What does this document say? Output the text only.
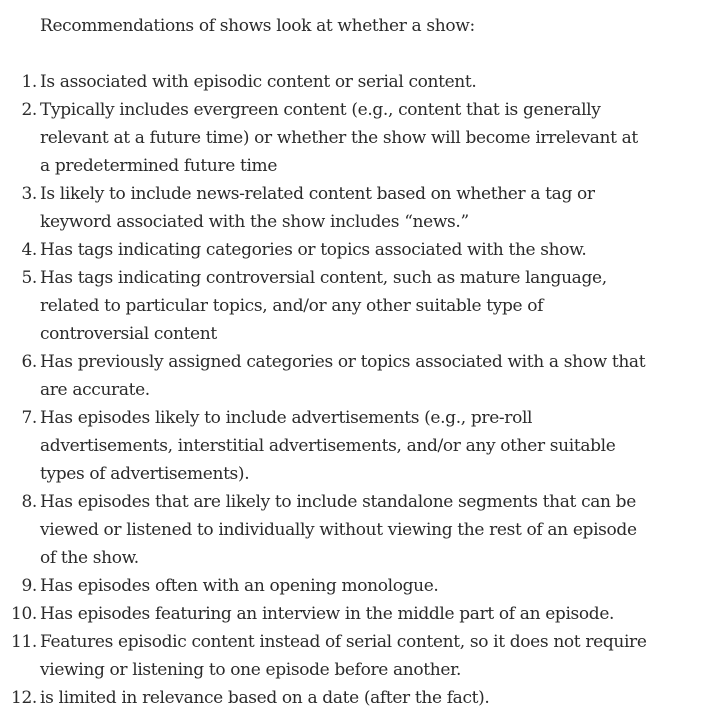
Recommendations of shows look at whether a show:
1. Is associated with episodic content or serial content.
2. Typically includes evergreen content (e.g., content that is generally relevant at a future time) or whether the show will become irrelevant at a predetermined future time
3. Is likely to include news-related content based on whether a tag or keyword associated with the show includes “news.”
4. Has tags indicating categories or topics associated with the show.
5. Has tags indicating controversial content, such as mature language, related to particular topics, and/or any other suitable type of controversial content
6. Has previously assigned categories or topics associated with a show that are accurate.
7. Has episodes likely to include advertisements (e.g., pre-roll advertisements, interstitial advertisements, and/or any other suitable types of advertisements).
8. Has episodes that are likely to include standalone segments that can be viewed or listened to individually without viewing the rest of an episode of the show.
9. Has episodes often with an opening monologue.
10. Has episodes featuring an interview in the middle part of an episode.
11. Features episodic content instead of serial content, so it does not require viewing or listening to one episode before another.
12. is limited in relevance based on a date (after the fact).
